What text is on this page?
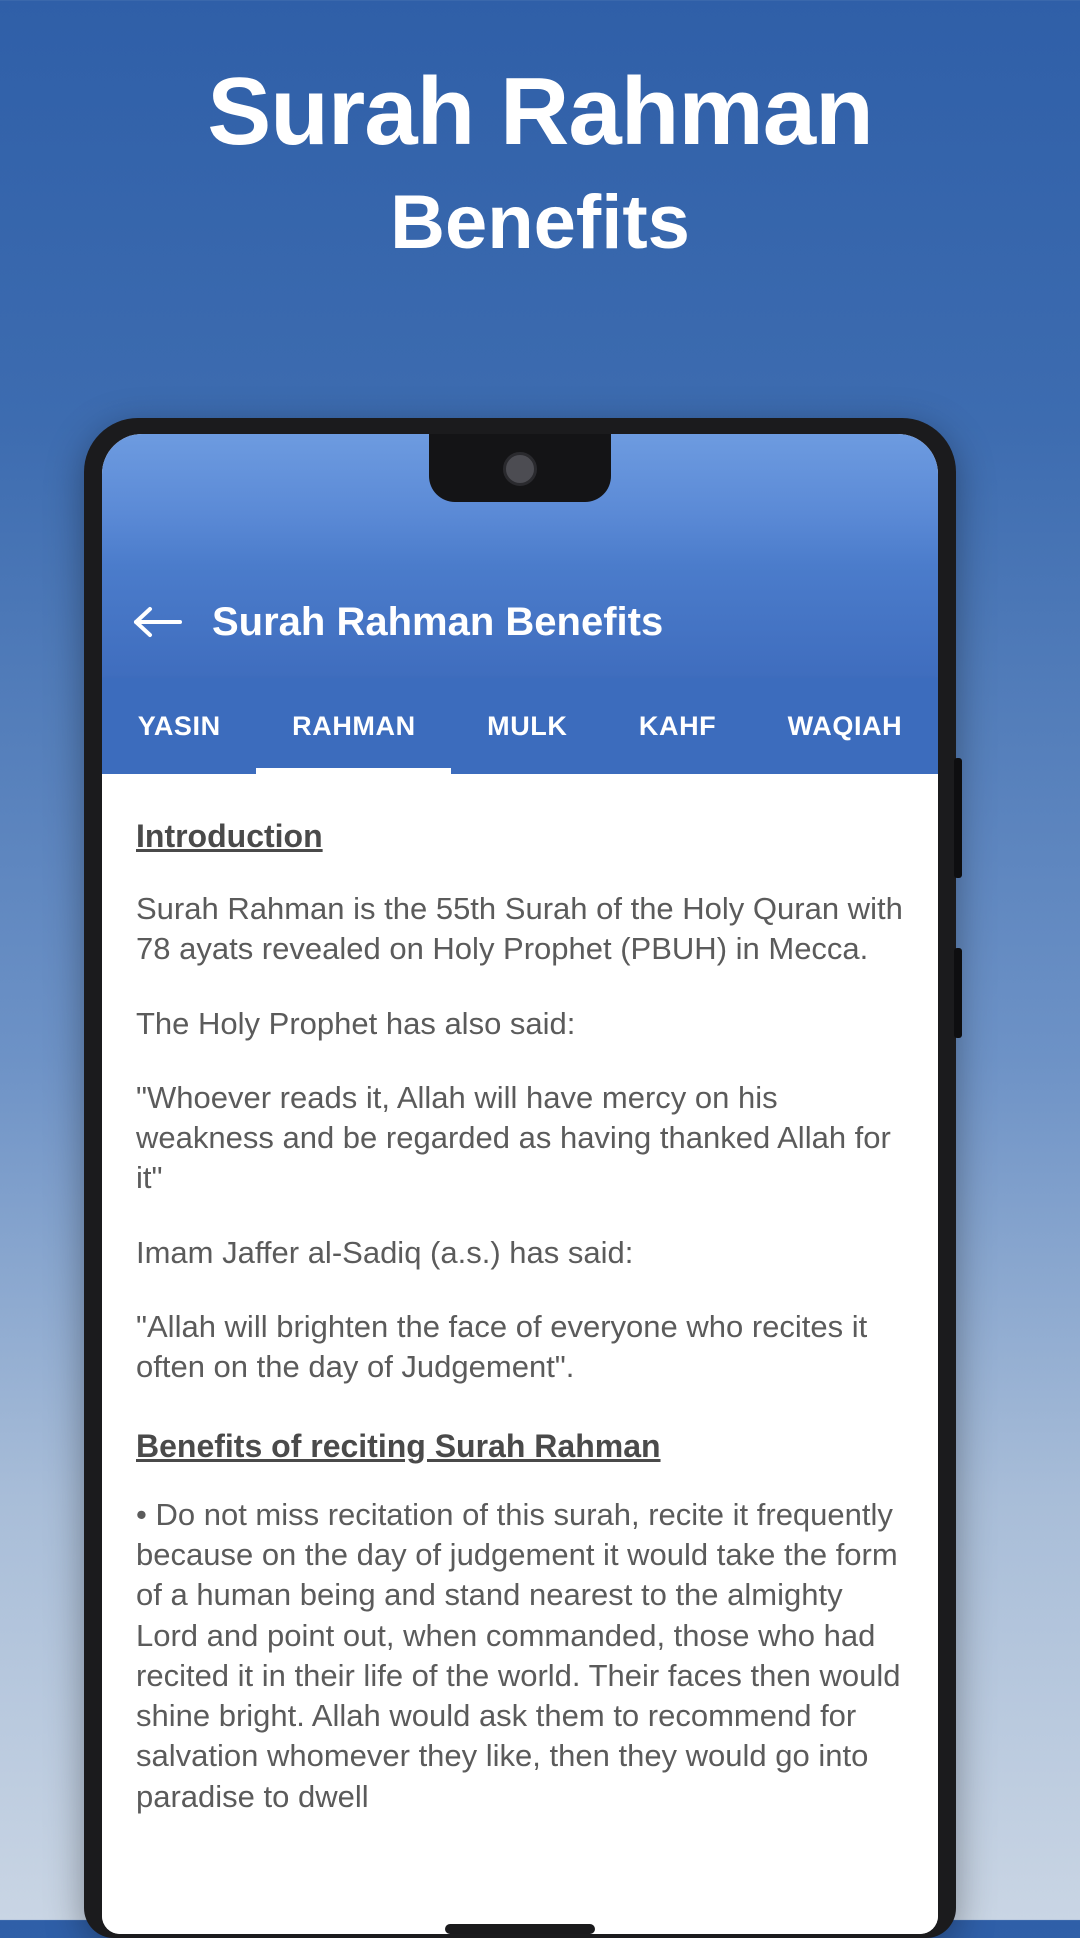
Surah Rahman
Benefits
Surah Rahman Benefits
YASIN	RAHMAN	MULK	KAHF	WAQIAH
Introduction

Surah Rahman is the 55th Surah of the Holy Quran with 78 ayats revealed on Holy Prophet (PBUH) in Mecca.

The Holy Prophet has also said:

"Whoever reads it, Allah will have mercy on his weakness and be regarded as having thanked Allah for it"

Imam Jaffer al-Sadiq (a.s.) has said:

"Allah will brighten the face of everyone who recites it often on the day of Judgement".

Benefits of reciting Surah Rahman

• Do not miss recitation of this surah, recite it frequently because on the day of judgement it would take the form of a human being and stand nearest to the almighty Lord and point out, when commanded, those who had recited it in their life of the world. Their faces then would shine bright. Allah would ask them to recommend for salvation whomever they like, then they would go into paradise to dwell
